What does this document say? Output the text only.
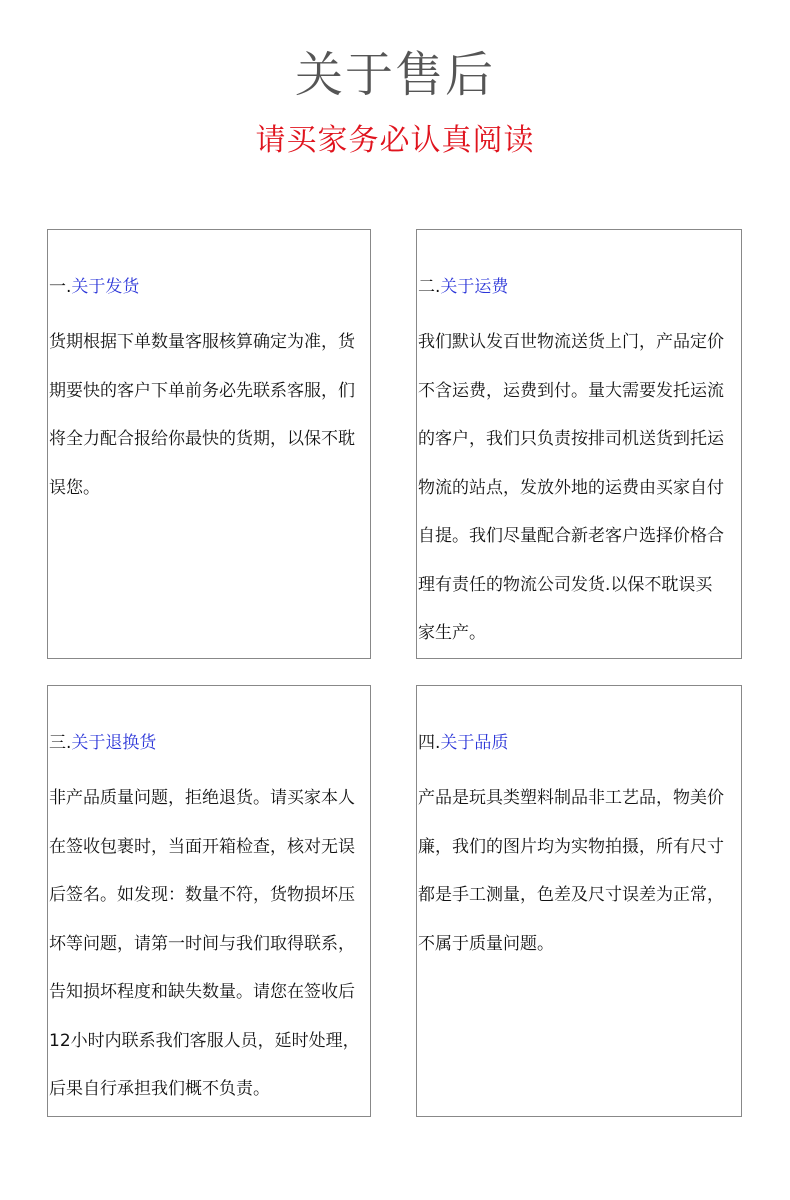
关于售后
请买家务必认真阅读
一.关于发货
货期根据下单数量客服核算确定为准，货
期要快的客户下单前务必先联系客服，们
将全力配合报给你最快的货期，以保不耽
误您。
二.关于运费
我们默认发百世物流送货上门，产品定价
不含运费，运费到付。量大需要发托运流
的客户，我们只负责按排司机送货到托运
物流的站点，发放外地的运费由买家自付
自提。我们尽量配合新老客户选择价格合
理有责任的物流公司发货.以保不耽误买
家生产。
三.关于退换货
非产品质量问题，拒绝退货。请买家本人
在签收包裹时，当面开箱检查，核对无误
后签名。如发现：数量不符，货物损坏压
坏等问题，请第一时间与我们取得联系，
告知损坏程度和缺失数量。请您在签收后
12小时内联系我们客服人员，延时处理，
后果自行承担我们概不负责。
四.关于品质
产品是玩具类塑料制品非工艺品，物美价
廉，我们的图片均为实物拍摄，所有尺寸
都是手工测量，色差及尺寸误差为正常，
不属于质量问题。
